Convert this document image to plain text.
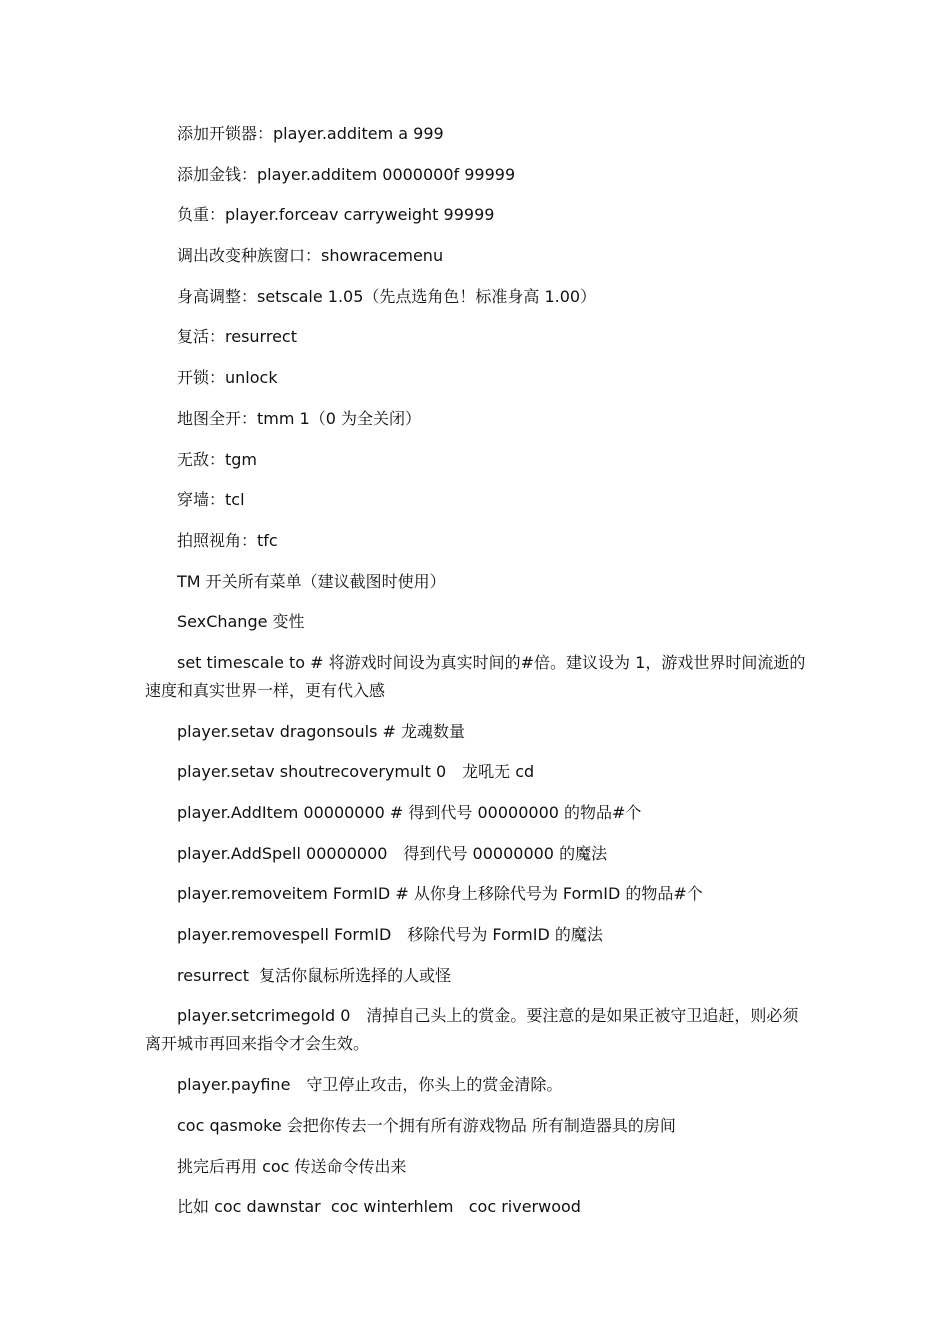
添加开锁器：player.additem a 999

添加金钱：player.additem 0000000f 99999

负重：player.forceav carryweight 99999

调出改变种族窗口：showracemenu

身高调整：setscale 1.05（先点选角色！标准身高 1.00）

复活：resurrect

开锁：unlock

地图全开：tmm 1（0 为全关闭）

无敌：tgm

穿墙：tcl

拍照视角：tfc

TM 开关所有菜单（建议截图时使用）

SexChange 变性

set timescale to # 将游戏时间设为真实时间的#倍。建议设为 1，游戏世界时间流逝的速度和真实世界一样，更有代入感

player.setav dragonsouls # 龙魂数量

player.setav shoutrecoverymult 0　龙吼无 cd

player.AddItem 00000000 # 得到代号 00000000 的物品#个

player.AddSpell 00000000　得到代号 00000000 的魔法

player.removeitem FormID # 从你身上移除代号为 FormID 的物品#个

player.removespell FormID　移除代号为 FormID 的魔法

resurrect  复活你鼠标所选择的人或怪

player.setcrimegold 0　清掉自己头上的赏金。要注意的是如果正被守卫追赶，则必须离开城市再回来指令才会生效。

player.payfine　守卫停止攻击，你头上的赏金清除。

coc qasmoke 会把你传去一个拥有所有游戏物品 所有制造器具的房间

挑完后再用 coc 传送命令传出来

比如 coc dawnstar  coc winterhlem   coc riverwood
